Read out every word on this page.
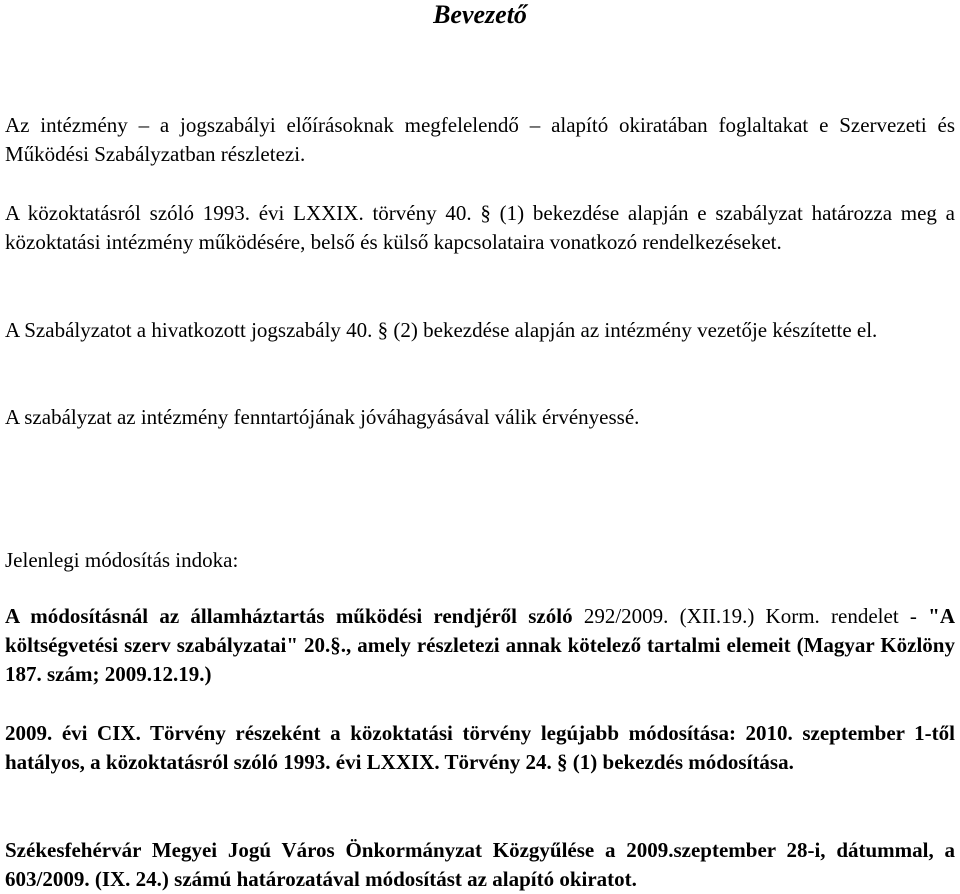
Bevezető

Az intézmény – a jogszabályi előírásoknak megfelelendő – alapító okiratában foglaltakat e Szervezeti és Működési Szabályzatban részletezi.

A közoktatásról szóló 1993. évi LXXIX. törvény 40. § (1) bekezdése alapján e szabályzat határozza meg a közoktatási intézmény működésére, belső és külső kapcsolataira vonatkozó rendelkezéseket.

A Szabályzatot a hivatkozott jogszabály 40. § (2) bekezdése alapján az intézmény vezetője készítette el.

A szabályzat az intézmény fenntartójának jóváhagyásával válik érvényessé.

Jelenlegi módosítás indoka:

A módosításnál az államháztartás működési rendjéről szóló 292/2009. (XII.19.) Korm. rendelet - "A költségvetési szerv szabályzatai" 20.§., amely részletezi annak kötelező tartalmi elemeit (Magyar Közlöny 187. szám; 2009.12.19.)

2009. évi CIX. Törvény részeként a közoktatási törvény legújabb módosítása: 2010. szeptember 1-től hatályos, a közoktatásról szóló 1993. évi LXXIX. Törvény 24. § (1) bekezdés módosítása.

Székesfehérvár Megyei Jogú Város Önkormányzat Közgyűlése a 2009.szeptember 28-i, dátummal, a 603/2009. (IX. 24.) számú határozatával módosítást az alapító okiratot.
